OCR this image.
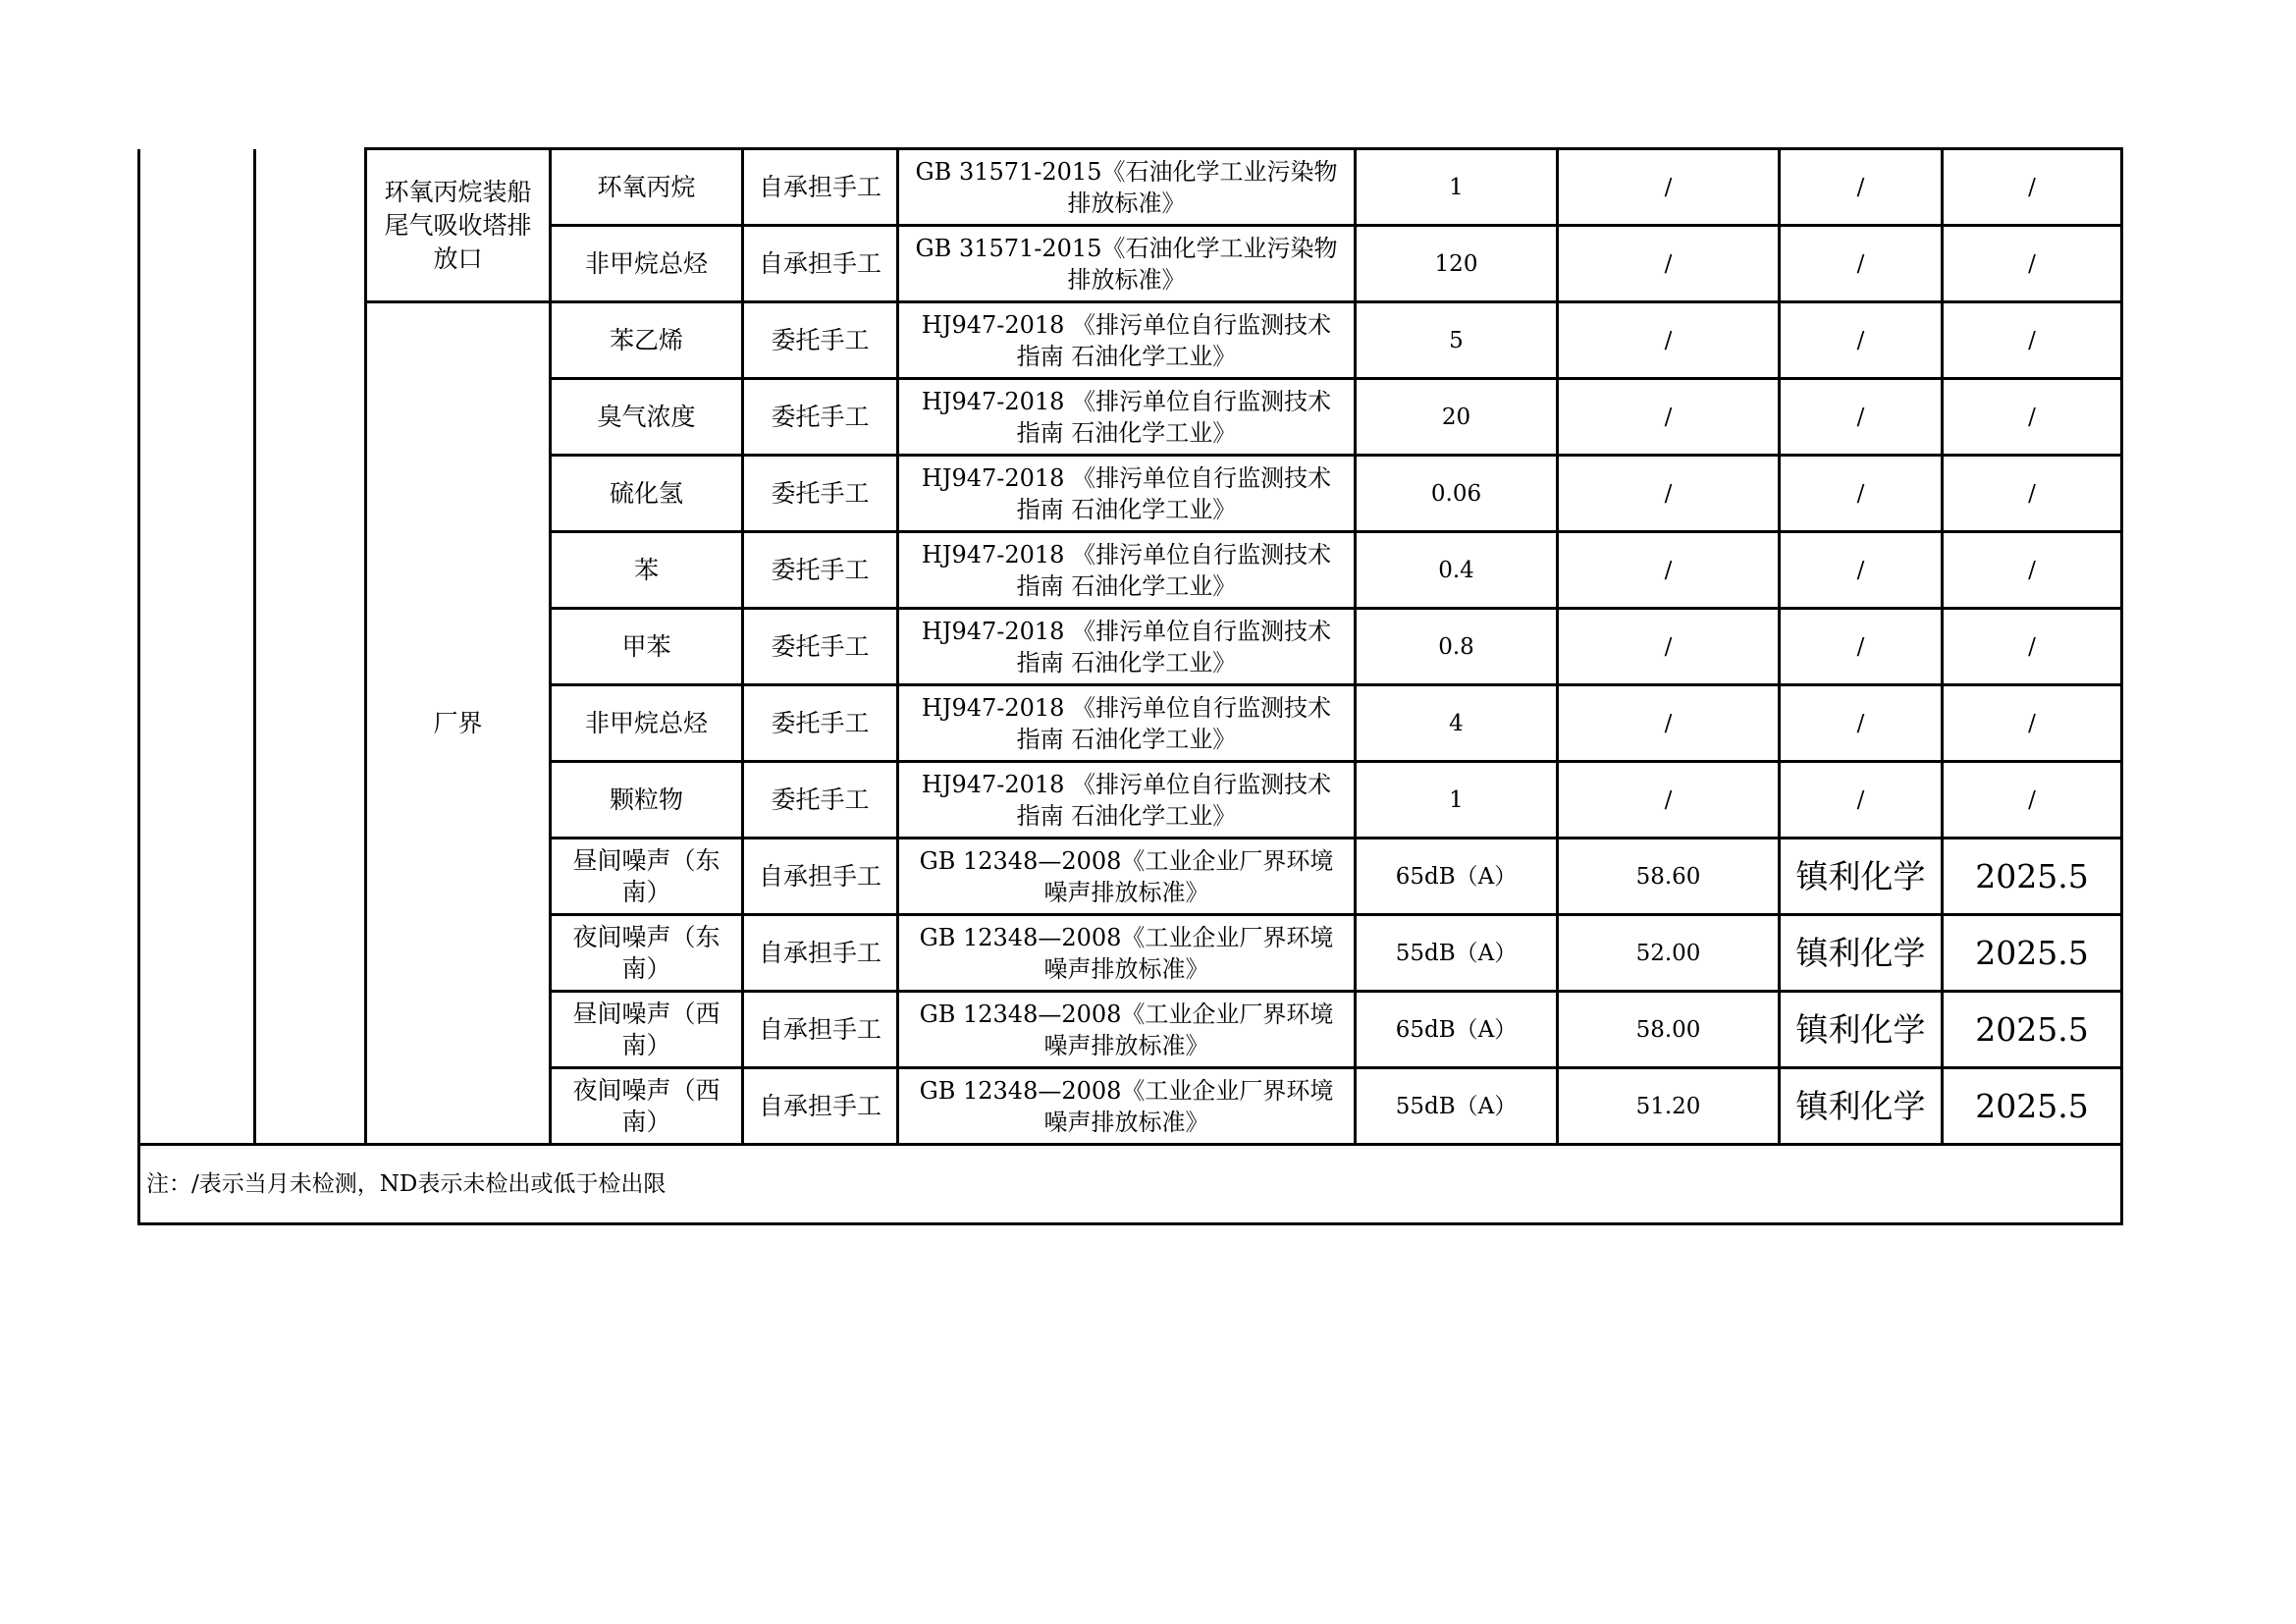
		环氧丙烷装船尾气吸收塔排放口	环氧丙烷	自承担手工	GB 31571-2015《石油化学工业污染物
排放标准》	1	/	/	/
			非甲烷总烃	自承担手工	GB 31571-2015《石油化学工业污染物
排放标准》	120	/	/	/
		厂界	苯乙烯	委托手工	HJ947-2018 《排污单位自行监测技术
指南 石油化学工业》	5	/	/	/
			臭气浓度	委托手工	HJ947-2018 《排污单位自行监测技术
指南 石油化学工业》	20	/	/	/
			硫化氢	委托手工	HJ947-2018 《排污单位自行监测技术
指南 石油化学工业》	0.06	/	/	/
			苯	委托手工	HJ947-2018 《排污单位自行监测技术
指南 石油化学工业》	0.4	/	/	/
			甲苯	委托手工	HJ947-2018 《排污单位自行监测技术
指南 石油化学工业》	0.8	/	/	/
			非甲烷总烃	委托手工	HJ947-2018 《排污单位自行监测技术
指南 石油化学工业》	4	/	/	/
			颗粒物	委托手工	HJ947-2018 《排污单位自行监测技术
指南 石油化学工业》	1	/	/	/
			昼间噪声（东
南）	自承担手工	GB 12348—2008《工业企业厂界环境
噪声排放标准》	65dB（A）	58.60	镇利化学	2025.5
			夜间噪声（东
南）	自承担手工	GB 12348—2008《工业企业厂界环境
噪声排放标准》	55dB（A）	52.00	镇利化学	2025.5
			昼间噪声（西
南）	自承担手工	GB 12348—2008《工业企业厂界环境
噪声排放标准》	65dB（A）	58.00	镇利化学	2025.5
			夜间噪声（西
南）	自承担手工	GB 12348—2008《工业企业厂界环境
噪声排放标准》	55dB（A）	51.20	镇利化学	2025.5
注：/表示当月未检测，ND表示未检出或低于检出限									
